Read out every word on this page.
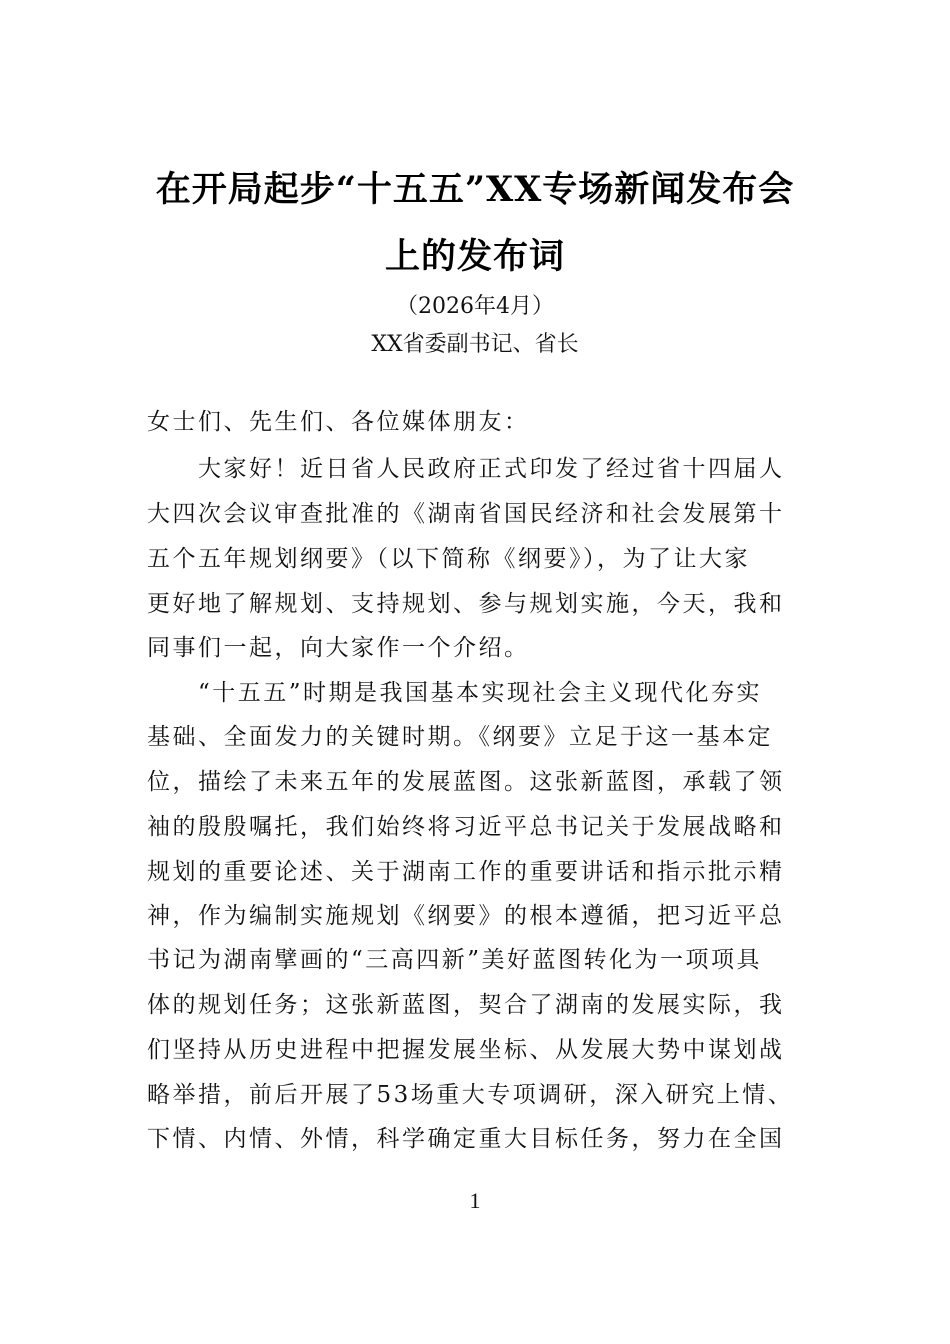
在开局起步“十五五”XX专场新闻发布会
上的发布词
（2026年4月）
XX省委副书记、省长
女士们、先生们、各位媒体朋友：
　　大家好！近日省人民政府正式印发了经过省十四届人
大四次会议审查批准的《湖南省国民经济和社会发展第十
五个五年规划纲要》（以下简称《纲要》），为了让大家
更好地了解规划、支持规划、参与规划实施，今天，我和
同事们一起，向大家作一个介绍。
　　“十五五”时期是我国基本实现社会主义现代化夯实
基础、全面发力的关键时期。《纲要》立足于这一基本定
位，描绘了未来五年的发展蓝图。这张新蓝图，承载了领
袖的殷殷嘱托，我们始终将习近平总书记关于发展战略和
规划的重要论述、关于湖南工作的重要讲话和指示批示精
神，作为编制实施规划《纲要》的根本遵循，把习近平总
书记为湖南擘画的“三高四新”美好蓝图转化为一项项具
体的规划任务；这张新蓝图，契合了湖南的发展实际，我
们坚持从历史进程中把握发展坐标、从发展大势中谋划战
略举措，前后开展了53场重大专项调研，深入研究上情、
下情、内情、外情，科学确定重大目标任务，努力在全国
1
